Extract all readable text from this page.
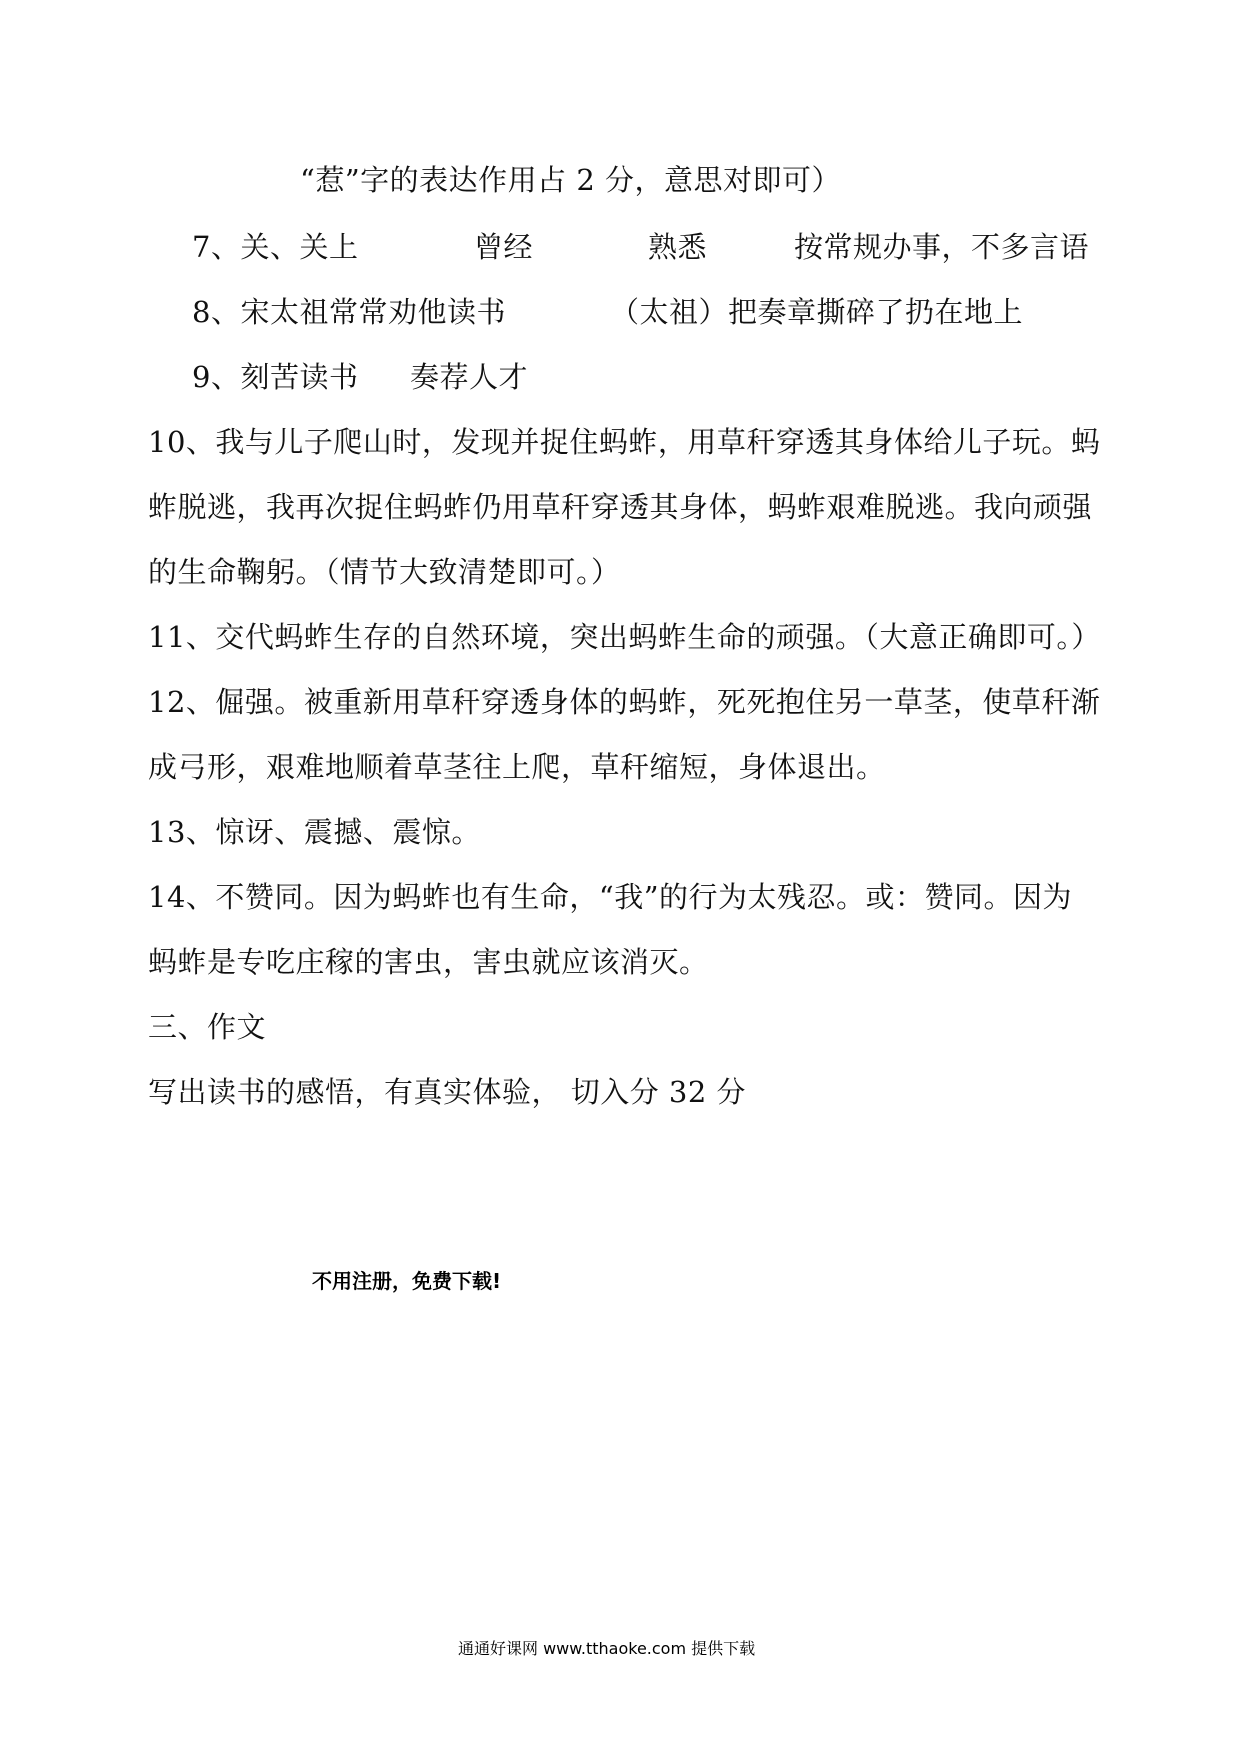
“惹”字的表达作用占 2 分，意思对即可）
7、关、关上	曾经	熟悉	按常规办事，不多言语
8、宋太祖常常劝他读书	（太祖）把奏章撕碎了扔在地上
9、刻苦读书 奏荐人才
10、我与儿子爬山时，发现并捉住蚂蚱，用草秆穿透其身体给儿子玩。蚂
蚱脱逃，我再次捉住蚂蚱仍用草秆穿透其身体，蚂蚱艰难脱逃。我向顽强
的生命鞠躬。（情节大致清楚即可。）
11、交代蚂蚱生存的自然环境，突出蚂蚱生命的顽强。（大意正确即可。）
12、倔强。被重新用草秆穿透身体的蚂蚱，死死抱住另一草茎，使草秆渐
成弓形，艰难地顺着草茎往上爬，草秆缩短，身体退出。
13、惊讶、震撼、震惊。
14、不赞同。因为蚂蚱也有生命，“我”的行为太残忍。或：赞同。因为
蚂蚱是专吃庄稼的害虫，害虫就应该消灭。
三、作文
写出读书的感悟，有真实体验， 切入分 32 分
不用注册，免费下载!
通通好课网 www.tthaoke.com 提供下载
